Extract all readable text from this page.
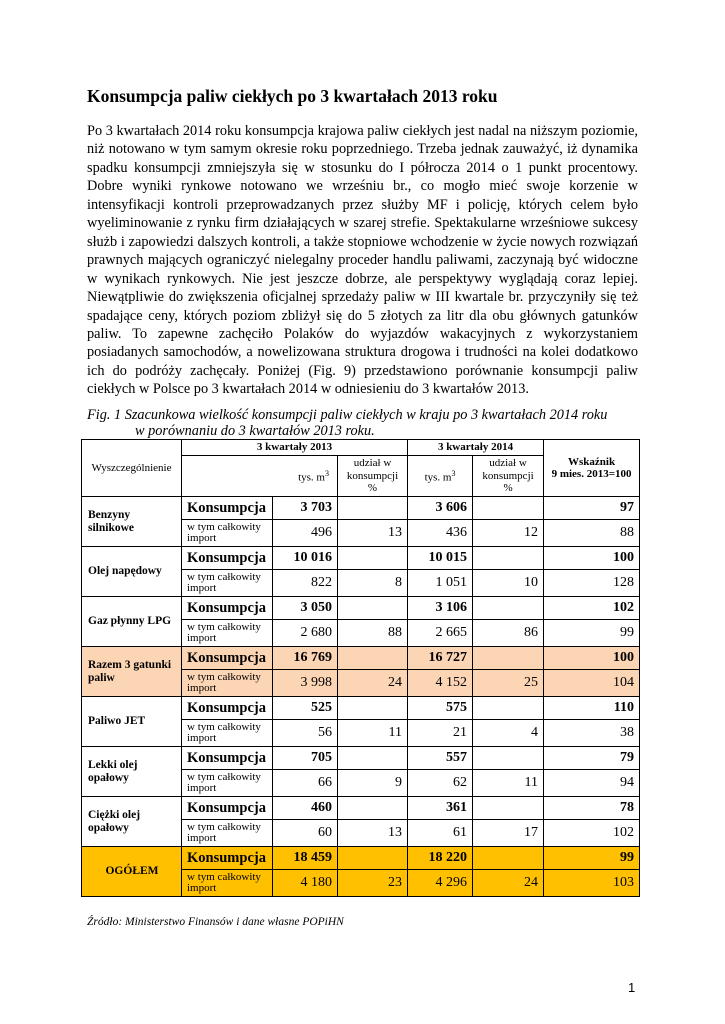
Konsumpcja paliw ciekłych po 3 kwartałach 2013 roku

Po 3 kwartałach 2014 roku konsumpcja krajowa paliw ciekłych jest nadal na niższym poziomie, niż notowano w tym samym okresie roku poprzedniego. Trzeba jednak zauważyć, iż dynamika spadku konsumpcji zmniejszyła się w stosunku do I półrocza 2014 o 1 punkt procentowy. Dobre wyniki rynkowe notowano we wrześniu br., co mogło mieć swoje korzenie w intensyfikacji kontroli przeprowadzanych przez służby MF i policję, których celem było wyeliminowanie z rynku firm działających w szarej strefie. Spektakularne wrześniowe sukcesy służb i zapowiedzi dalszych kontroli, a także stopniowe wchodzenie w życie nowych rozwiązań prawnych mających ograniczyć nielegalny proceder handlu paliwami, zaczynają być widoczne w wynikach rynkowych. Nie jest jeszcze dobrze, ale perspektywy wyglądają coraz lepiej. Niewątpliwie do zwiększenia oficjalnej sprzedaży paliw w III kwartale br. przyczyniły się też spadające ceny, których poziom zbliżył się do 5 złotych za litr dla obu głównych gatunków paliw. To zapewne zachęciło Polaków do wyjazdów wakacyjnych z wykorzystaniem posiadanych samochodów, a nowelizowana struktura drogowa i trudności na kolei dodatkowo ich do podróży zachęcały. Poniżej (Fig. 9) przedstawiono porównanie konsumpcji paliw ciekłych w Polsce po 3 kwartałach 2014 w odniesieniu do 3 kwartałów 2013.

Fig. 1 Szacunkowa wielkość konsumpcji paliw ciekłych w kraju po 3 kwartałach 2014 roku
w porównaniu do 3 kwartałów 2013 roku.

Wyszczególnienie	3 kwartały 2013			3 kwartały 2014		Wskaźnik
9 mies. 2013=100
	tys. $m^3$		udział w konsumpcji %	tys. $m^3$	udział w konsumpcji %	
Benzyny silnikowe	Konsumpcja	3 703		3 606		97
	w tym całkowity import	496	13	436	12	88
Olej napędowy	Konsumpcja	10 016		10 015		100
	w tym całkowity import	822	8	1 051	10	128
Gaz płynny LPG	Konsumpcja	3 050		3 106		102
	w tym całkowity import	2 680	88	2 665	86	99
Razem 3 gatunki paliw	Konsumpcja	16 769		16 727		100
	w tym całkowity import	3 998	24	4 152	25	104
Paliwo JET	Konsumpcja	525		575		110
	w tym całkowity import	56	11	21	4	38
Lekki olej opałowy	Konsumpcja	705		557		79
	w tym całkowity import	66	9	62	11	94
Ciężki olej opałowy	Konsumpcja	460		361		78
	w tym całkowity import	60	13	61	17	102
OGÓŁEM	Konsumpcja	18 459		18 220		99
	w tym całkowity import	4 180	23	4 296	24	103

Źródło: Ministerstwo Finansów i dane własne POPiHN

1
